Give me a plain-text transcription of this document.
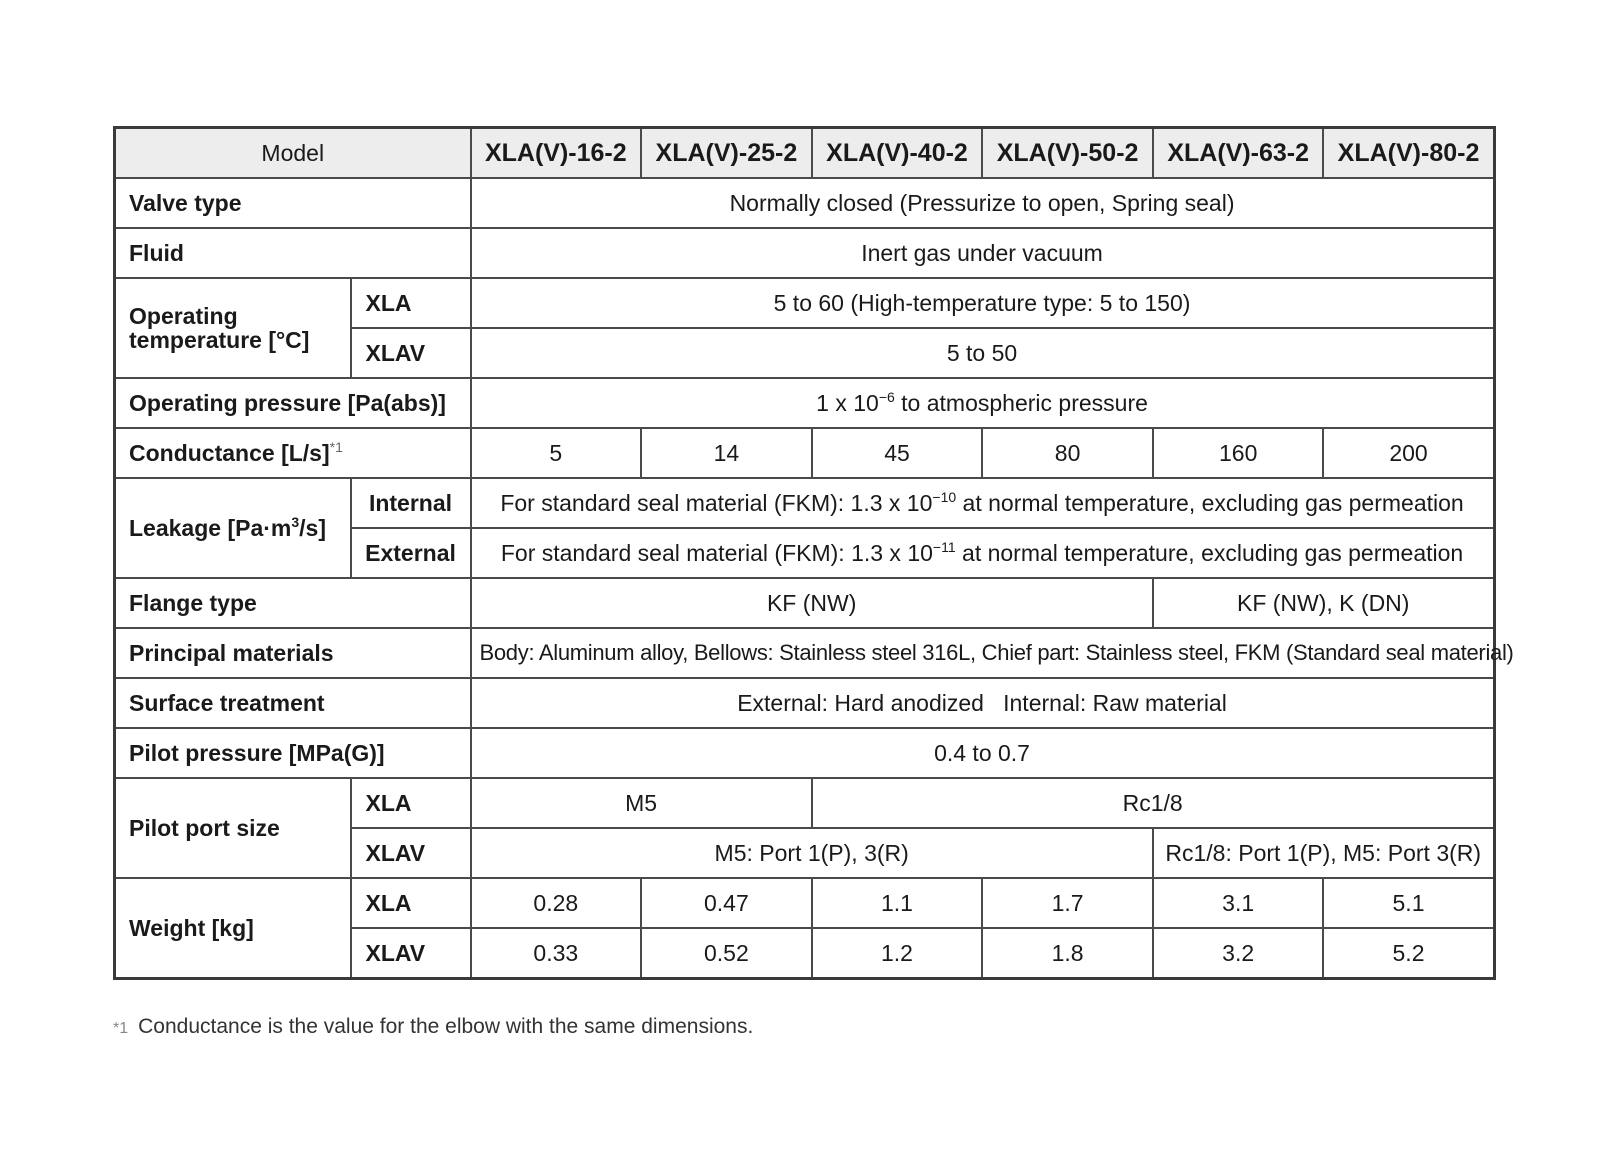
Model		XLA(V)-16-2	XLA(V)-25-2	XLA(V)-40-2	XLA(V)-50-2	XLA(V)-63-2	XLA(V)-80-2
Valve type		Normally closed (Pressurize to open, Spring seal)					
Fluid		Inert gas under vacuum					
Operating temperature [°C]	XLA	5 to 60 (High-temperature type: 5 to 150)					
	XLAV	5 to 50					
Operating pressure [Pa(abs)]		1 x $10^{-6}$ to atmospheric pressure					
Conductance $[L/s]^{*1}$		5	14	45	80	160	200
Leakage $[Pa\cdot m^3/s]$	Internal	For standard seal material (FKM): 1.3 x $10^{-10}$ at normal temperature, excluding gas permeation					
	External	For standard seal material (FKM): 1.3 x $10^{-11}$ at normal temperature, excluding gas permeation					
Flange type		KF (NW)				KF (NW), K (DN)	
Principal materials		Body: Aluminum alloy, Bellows: Stainless steel 316L, Chief part: Stainless steel, FKM (Standard seal material)					
Surface treatment		External: Hard anodized   Internal: Raw material					
Pilot pressure [MPa(G)]		0.4 to 0.7					
Pilot port size	XLA	M5		Rc1/8			
	XLAV	M5: Port 1(P), 3(R)				Rc1/8: Port 1(P), M5: Port 3(R)	
Weight [kg]	XLA	0.28	0.47	1.1	1.7	3.1	5.1
	XLAV	0.33	0.52	1.2	1.8	3.2	5.2
*1 Conductance is the value for the elbow with the same dimensions.
